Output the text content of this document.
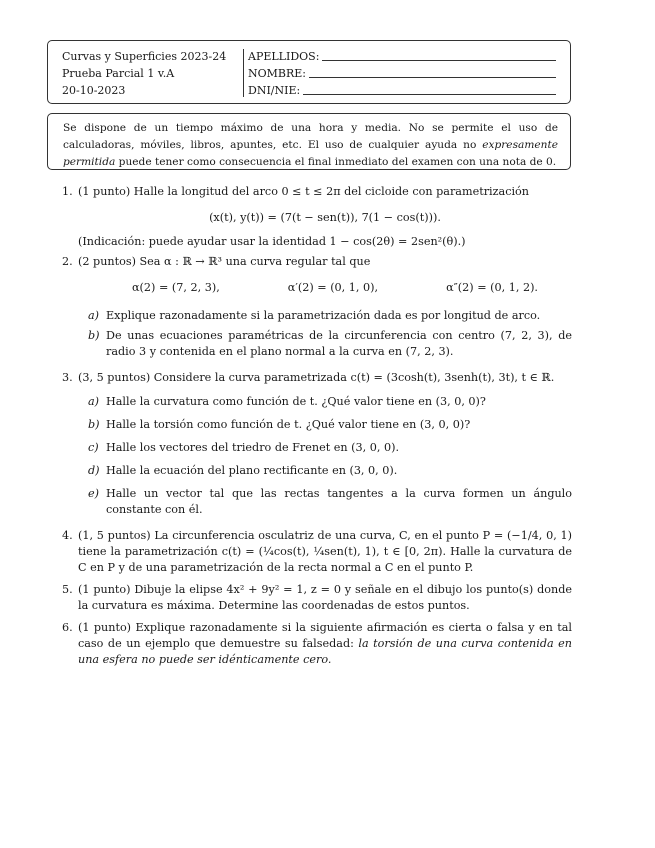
Curvas y Superficies 2023-24
Prueba Parcial 1 v.A
20-10-2023
APELLIDOS:
NOMBRE:
DNI/NIE:
Se dispone de un tiempo máximo de una hora y media. No se permite el uso de calculadoras, móviles, libros, apuntes, etc. El uso de cualquier ayuda no expresamente permitida puede tener como consecuencia el final inmediato del examen con una nota de 0.
1. (1 punto) Halle la longitud del arco 0 ≤ t ≤ 2π del cicloide con parametrización
(x(t), y(t)) = (7(t − sen(t)), 7(1 − cos(t))).
(Indicación: puede ayudar usar la identidad 1 − cos(2θ) = 2sen²(θ).)
2. (2 puntos) Sea α : ℝ → ℝ³ una curva regular tal que
α(2) = (7, 2, 3),	α′(2) = (0, 1, 0),	α″(2) = (0, 1, 2).
a) Explique razonadamente si la parametrización dada es por longitud de arco.
b) De unas ecuaciones paramétricas de la circunferencia con centro (7, 2, 3), de radio 3 y contenida en el plano normal a la curva en (7, 2, 3).
3. (3, 5 puntos) Considere la curva parametrizada c(t) = (3cosh(t), 3senh(t), 3t), t ∈ ℝ.
a) Halle la curvatura como función de t. ¿Qué valor tiene en (3, 0, 0)?
b) Halle la torsión como función de t. ¿Qué valor tiene en (3, 0, 0)?
c) Halle los vectores del triedro de Frenet en (3, 0, 0).
d) Halle la ecuación del plano rectificante en (3, 0, 0).
e) Halle un vector tal que las rectas tangentes a la curva formen un ángulo constante con él.
4. (1, 5 puntos) La circunferencia osculatriz de una curva, C, en el punto P = (−1/4, 0, 1) tiene la parametrización c(t) = (¼cos(t), ¼sen(t), 1), t ∈ [0, 2π). Halle la curvatura de C en P y de una parametrización de la recta normal a C en el punto P.
5. (1 punto) Dibuje la elipse 4x² + 9y² = 1, z = 0 y señale en el dibujo los punto(s) donde la curvatura es máxima. Determine las coordenadas de estos puntos.
6. (1 punto) Explique razonadamente si la siguiente afirmación es cierta o falsa y en tal caso de un ejemplo que demuestre su falsedad: la torsión de una curva contenida en una esfera no puede ser idénticamente cero.
